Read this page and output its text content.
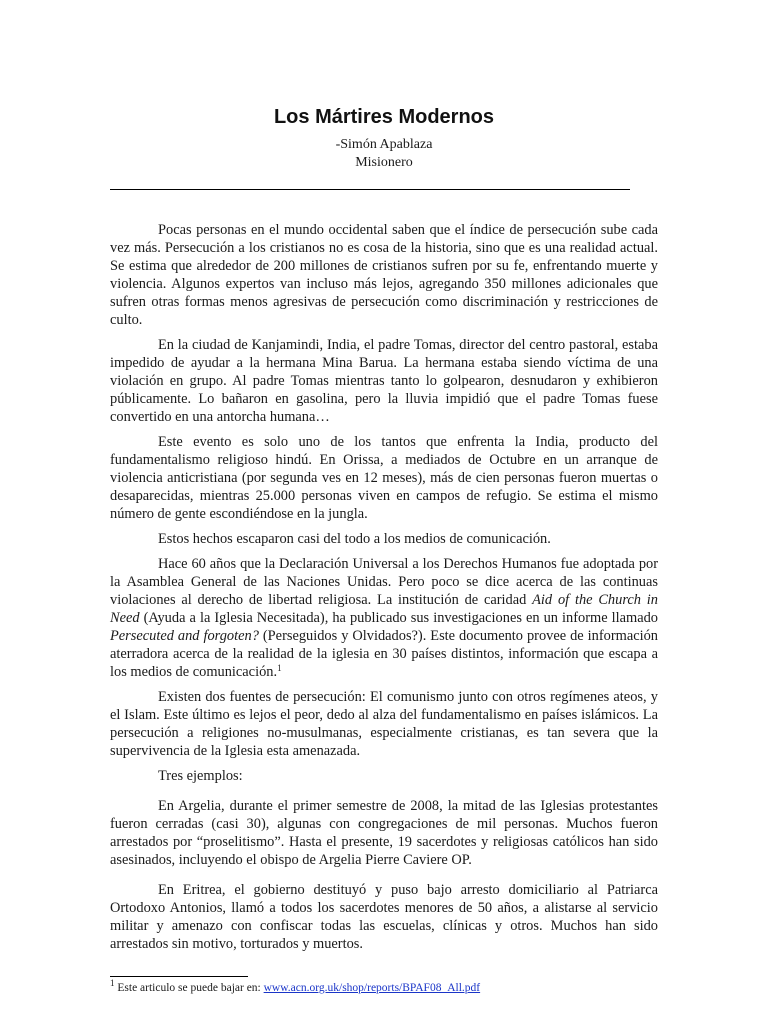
Los Mártires Modernos
-Simón Apablaza
Misionero

Pocas personas en el mundo occidental saben que el índice de persecución sube cada vez más. Persecución a los cristianos no es cosa de la historia, sino que es una realidad actual. Se estima que alrededor de 200 millones de cristianos sufren por su fe, enfrentando muerte y violencia. Algunos expertos van incluso más lejos, agregando 350 millones adicionales que sufren otras formas menos agresivas de persecución como discriminación y restricciones de culto.

En la ciudad de Kanjamindi, India, el padre Tomas, director del centro pastoral, estaba impedido de ayudar a la hermana Mina Barua. La hermana estaba siendo víctima de una violación en grupo. Al padre Tomas mientras tanto lo golpearon, desnudaron y exhibieron públicamente. Lo bañaron en gasolina, pero la lluvia impidió que el padre Tomas fuese convertido en una antorcha humana…

Este evento es solo uno de los tantos que enfrenta la India, producto del fundamentalismo religioso hindú. En Orissa, a mediados de Octubre en un arranque de violencia anticristiana (por segunda ves en 12 meses), más de cien personas fueron muertas o desaparecidas, mientras 25.000 personas viven en campos de refugio. Se estima el mismo número de gente escondiéndose en la jungla.

Estos hechos escaparon casi del todo a los medios de comunicación.

Hace 60 años que la Declaración Universal a los Derechos Humanos fue adoptada por la Asamblea General de las Naciones Unidas. Pero poco se dice acerca de las continuas violaciones al derecho de libertad religiosa. La institución de caridad Aid of the Church in Need (Ayuda a la Iglesia Necesitada), ha publicado sus investigaciones en un informe llamado Persecuted and forgoten? (Perseguidos y Olvidados?). Este documento provee de información aterradora acerca de la realidad de la iglesia en 30 países distintos, información que escapa a los medios de comunicación.$^1$

Existen dos fuentes de persecución: El comunismo junto con otros regímenes ateos, y el Islam. Este último es lejos el peor, dedo al alza del fundamentalismo en países islámicos. La persecución a religiones no-musulmanas, especialmente cristianas, es tan severa que la supervivencia de la Iglesia esta amenazada.

Tres ejemplos:

En Argelia, durante el primer semestre de 2008, la mitad de las Iglesias protestantes fueron cerradas (casi 30), algunas con congregaciones de mil personas. Muchos fueron arrestados por “proselitismo”. Hasta el presente, 19 sacerdotes y religiosas católicos han sido asesinados, incluyendo el obispo de Argelia Pierre Caviere OP.

En Eritrea, el gobierno destituyó y puso bajo arresto domiciliario al Patriarca Ortodoxo Antonios, llamó a todos los sacerdotes menores de 50 años, a alistarse al servicio militar y amenazo con confiscar todas las escuelas, clínicas y otros. Muchos han sido arrestados sin motivo, torturados y muertos.

$^1$ Este articulo se puede bajar en: www.acn.org.uk/shop/reports/BPAF08_All.pdf
